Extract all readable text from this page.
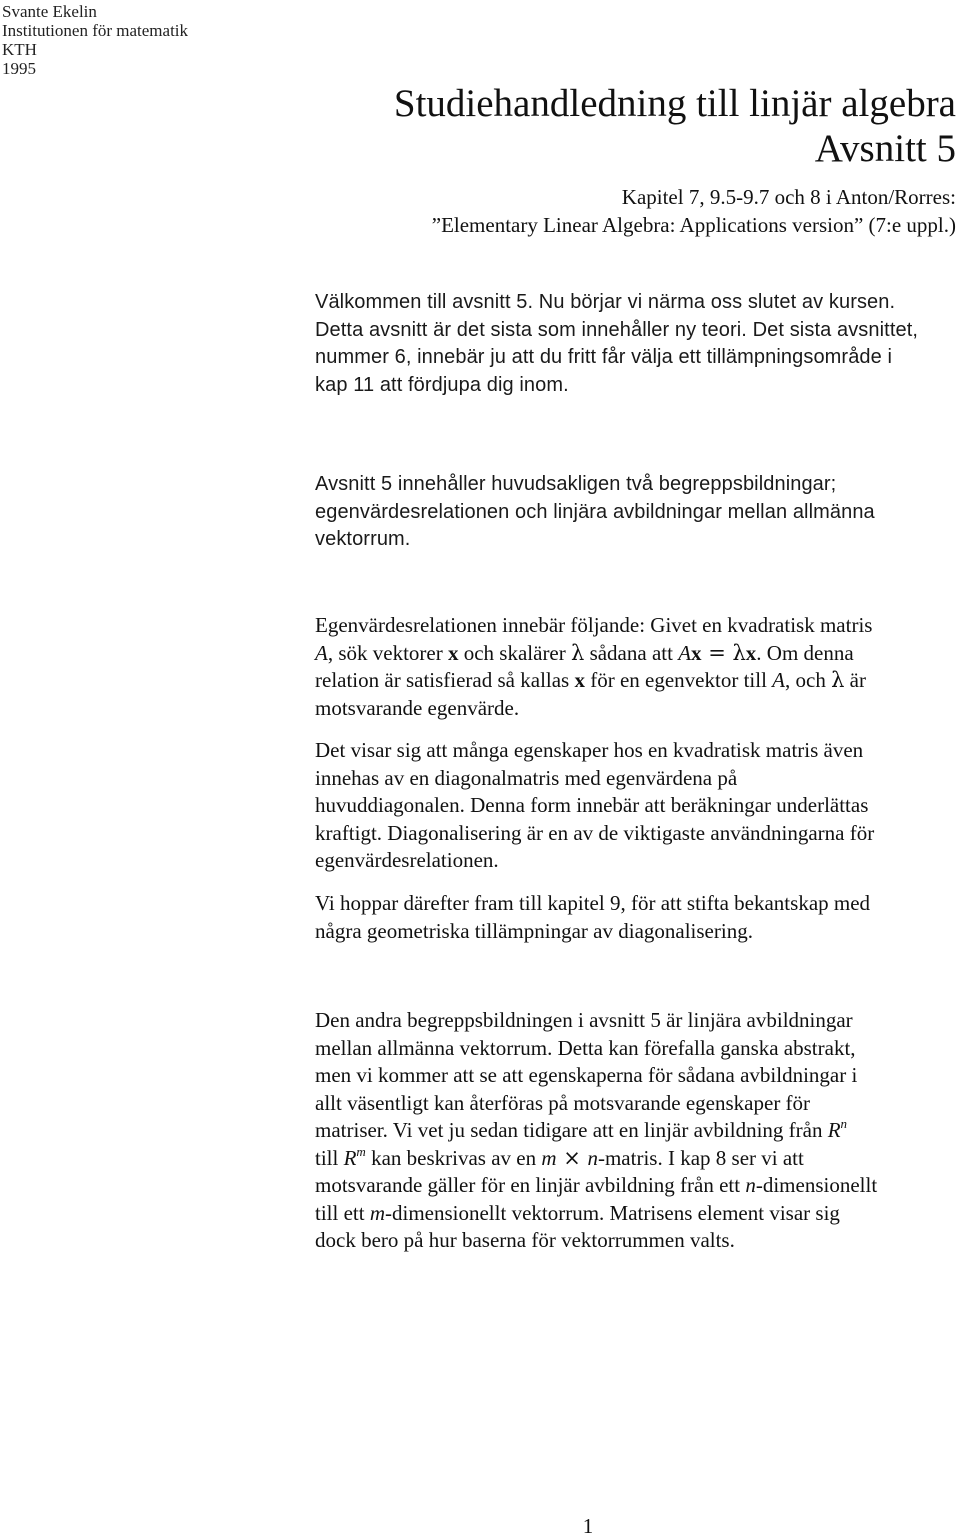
Svante Ekelin
Institutionen för matematik
KTH
1995
Studiehandledning till linjär algebra
Avsnitt 5
Kapitel 7, 9.5-9.7 och 8 i Anton/Rorres:
”Elementary Linear Algebra: Applications version” (7:e uppl.)
Välkommen till avsnitt 5. Nu börjar vi närma oss slutet av kursen.
Detta avsnitt är det sista som innehåller ny teori. Det sista avsnittet,
nummer 6, innebär ju att du fritt får välja ett tillämpningsområde i
kap 11 att fördjupa dig inom.
Avsnitt 5 innehåller huvudsakligen två begreppsbildningar;
egenvärdesrelationen och linjära avbildningar mellan allmänna
vektorrum.
Egenvärdesrelationen innebär följande: Givet en kvadratisk matris
A, sök vektorer x och skalärer λ sådana att Ax = λx. Om denna
relation är satisfierad så kallas x för en egenvektor till A, och λ är
motsvarande egenvärde.
Det visar sig att många egenskaper hos en kvadratisk matris även
innehas av en diagonalmatris med egenvärdena på
huvuddiagonalen. Denna form innebär att beräkningar underlättas
kraftigt. Diagonalisering är en av de viktigaste användningarna för
egenvärdesrelationen.
Vi hoppar därefter fram till kapitel 9, för att stifta bekantskap med
några geometriska tillämpningar av diagonalisering.
Den andra begreppsbildningen i avsnitt 5 är linjära avbildningar
mellan allmänna vektorrum. Detta kan förefalla ganska abstrakt,
men vi kommer att se att egenskaperna för sådana avbildningar i
allt väsentligt kan återföras på motsvarande egenskaper för
matriser. Vi vet ju sedan tidigare att en linjär avbildning från $R^n$
till $R^m$ kan beskrivas av en m × n-matris. I kap 8 ser vi att
motsvarande gäller för en linjär avbildning från ett n-dimensionellt
till ett m-dimensionellt vektorrum. Matrisens element visar sig
dock bero på hur baserna för vektorrummen valts.
1
